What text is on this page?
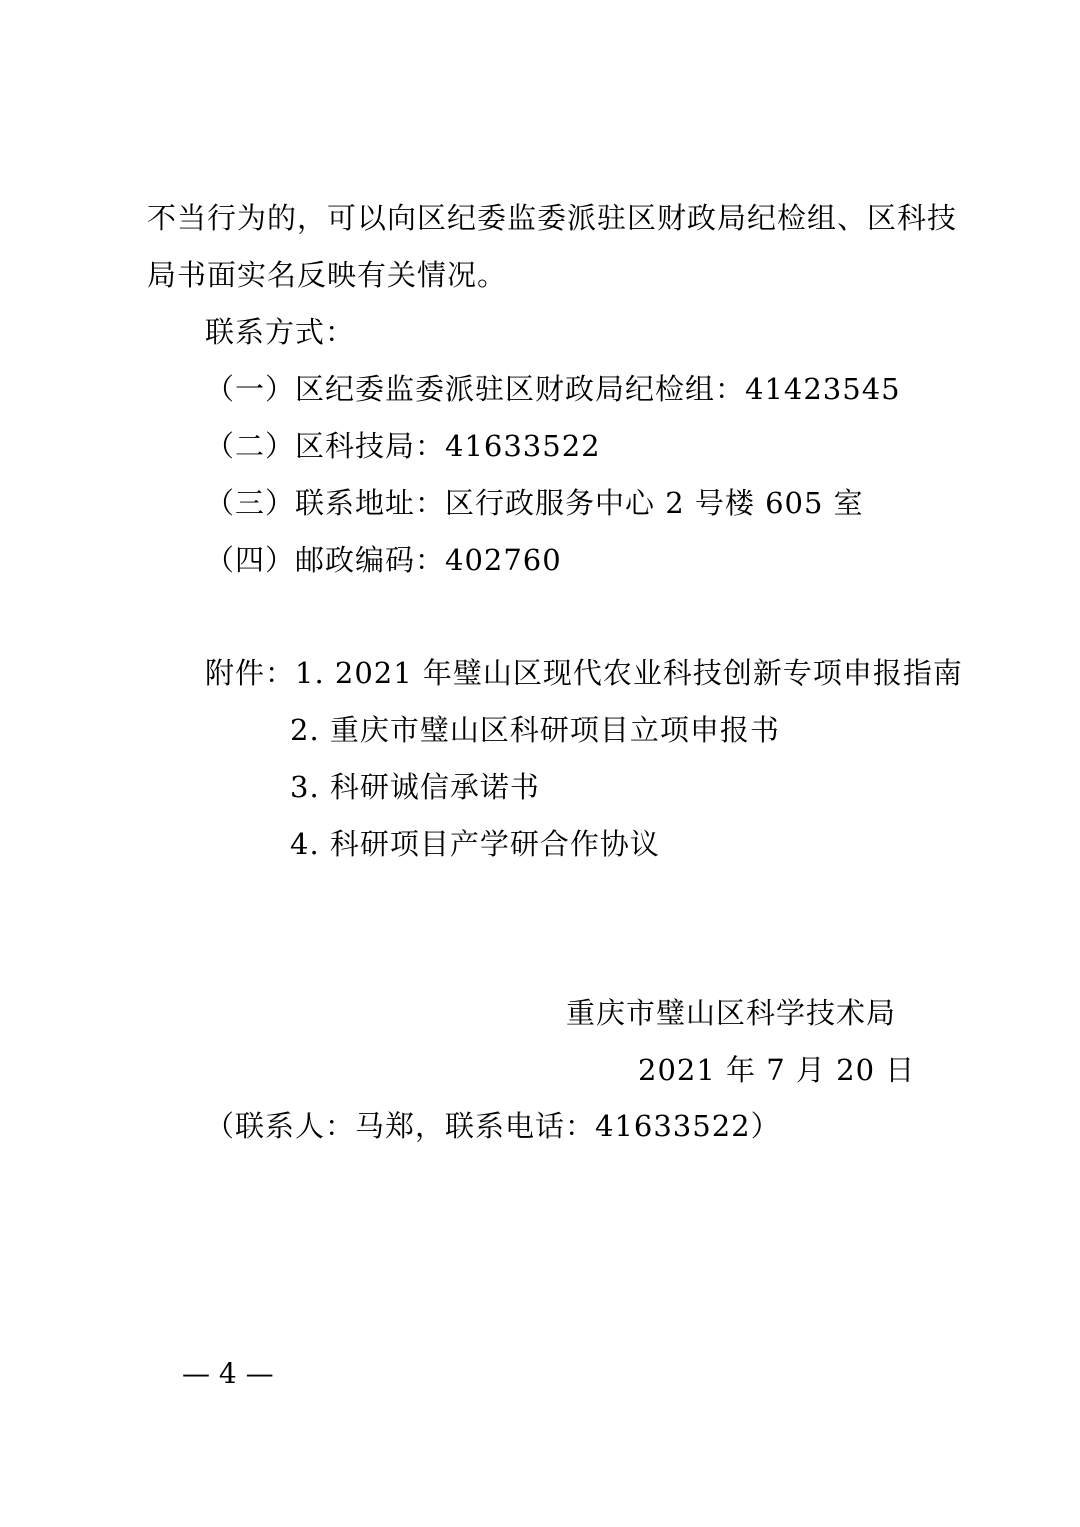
不当行为的，可以向区纪委监委派驻区财政局纪检组、区科技
局书面实名反映有关情况。
联系方式：
（一）区纪委监委派驻区财政局纪检组：41423545
（二）区科技局：41633522
（三）联系地址：区行政服务中心 2 号楼 605 室
（四）邮政编码：402760
附件：1. 2021 年璧山区现代农业科技创新专项申报指南
2. 重庆市璧山区科研项目立项申报书
3. 科研诚信承诺书
4. 科研项目产学研合作协议
重庆市璧山区科学技术局
2021 年 7 月 20 日
（联系人：马郑，联系电话：41633522）
— 4 —
